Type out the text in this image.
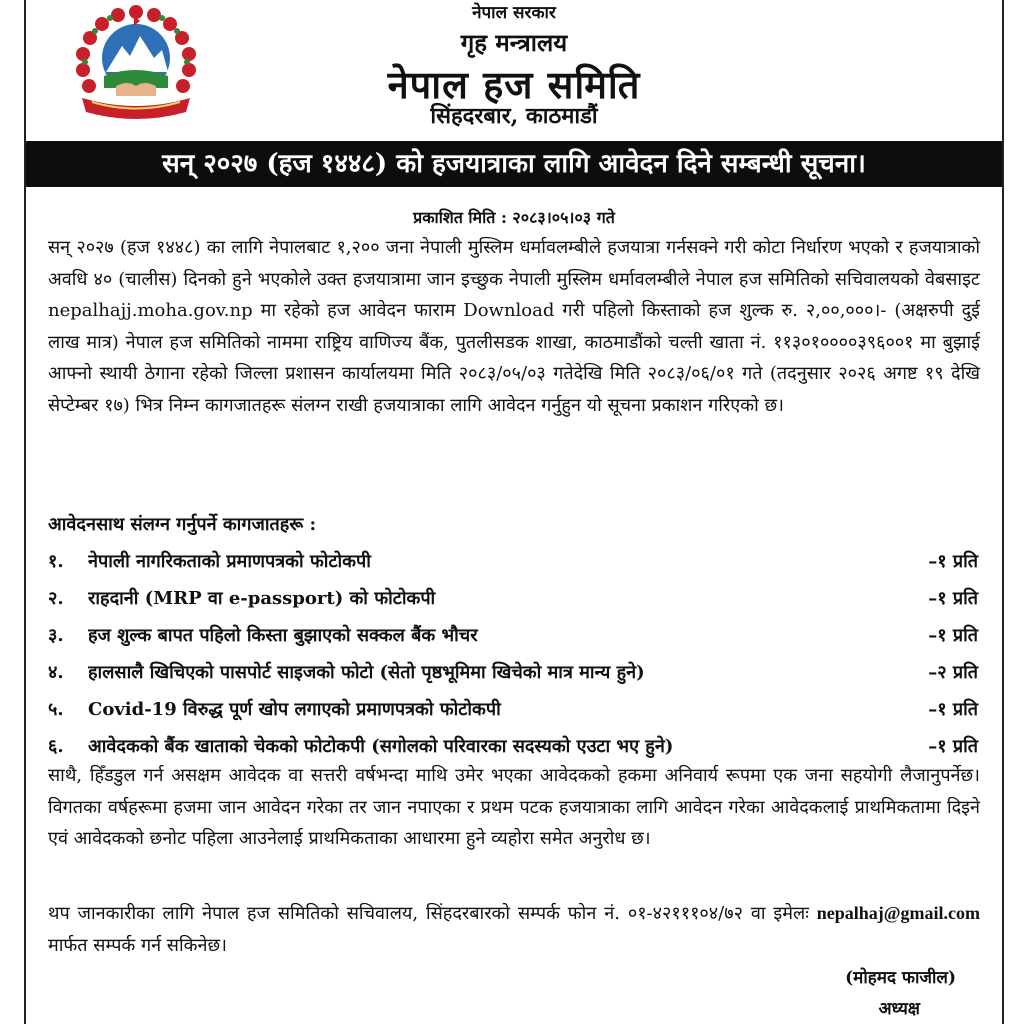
नेपाल सरकार
गृह मन्त्रालय
नेपाल हज समिति
सिंहदरबार, काठमाडौं
सन् २०२७ (हज १४४८) को हजयात्राका लागि आवेदन दिने सम्बन्धी सूचना।
प्रकाशित मिति : २०८३।०५।०३ गते
सन् २०२७ (हज १४४८) का लागि नेपालबाट १,२०० जना नेपाली मुस्लिम धर्मावलम्बीले हजयात्रा गर्नसक्ने गरी कोटा निर्धारण भएको र हजयात्राको अवधि ४० (चालीस) दिनको हुने भएकोले उक्त हजयात्रामा जान इच्छुक नेपाली मुस्लिम धर्मावलम्बीले नेपाल हज समितिको सचिवालयको वेबसाइट nepalhajj.moha.gov.np मा रहेको हज आवेदन फाराम Download गरी पहिलो किस्ताको हज शुल्क रु. २,००,०००।- (अक्षरुपी दुई लाख मात्र) नेपाल हज समितिको नाममा राष्ट्रिय वाणिज्य बैंक, पुतलीसडक शाखा, काठमाडौंको चल्ती खाता नं. ११३०१००००३९६००१ मा बुझाई आफ्नो स्थायी ठेगाना रहेको जिल्ला प्रशासन कार्यालयमा मिति २०८३/०५/०३ गतेदेखि मिति २०८३/०६/०१ गते (तदनुसार २०२६ अगष्ट १९ देखि सेप्टेम्बर १७) भित्र निम्न कागजातहरू संलग्न राखी हजयात्राका लागि आवेदन गर्नुहुन यो सूचना प्रकाशन गरिएको छ।
आवेदनसाथ संलग्न गर्नुपर्ने कागजातहरू :
१.	नेपाली नागरिकताको प्रमाणपत्रको फोटोकपी	–१ प्रति
२.	राहदानी (MRP वा e-passport) को फोटोकपी	–१ प्रति
३.	हज शुल्क बापत पहिलो किस्ता बुझाएको सक्कल बैंक भौचर	–१ प्रति
४.	हालसालै खिचिएको पासपोर्ट साइजको फोटो (सेतो पृष्ठभूमिमा खिचेको मात्र मान्य हुने)	–२ प्रति
५.	Covid-19 विरुद्ध पूर्ण खोप लगाएको प्रमाणपत्रको फोटोकपी	–१ प्रति
६.	आवेदकको बैंक खाताको चेकको फोटोकपी (सगोलको परिवारका सदस्यको एउटा भए हुने)	–१ प्रति
साथै, हिँडडुल गर्न असक्षम आवेदक वा सत्तरी वर्षभन्दा माथि उमेर भएका आवेदकको हकमा अनिवार्य रूपमा एक जना सहयोगी लैजानुपर्नेछ। विगतका वर्षहरूमा हजमा जान आवेदन गरेका तर जान नपाएका र प्रथम पटक हजयात्राका लागि आवेदन गरेका आवेदकलाई प्राथमिकतामा दिइने एवं आवेदकको छनोट पहिला आउनेलाई प्राथमिकताका आधारमा हुने व्यहोरा समेत अनुरोध छ।
थप जानकारीका लागि नेपाल हज समितिको सचिवालय, सिंहदरबारको सम्पर्क फोन नं. ०१-४२१११०४/७२ वा इमेलः nepalhaj@gmail.com मार्फत सम्पर्क गर्न सकिनेछ।
(मोहमद फाजील)
अध्यक्ष
